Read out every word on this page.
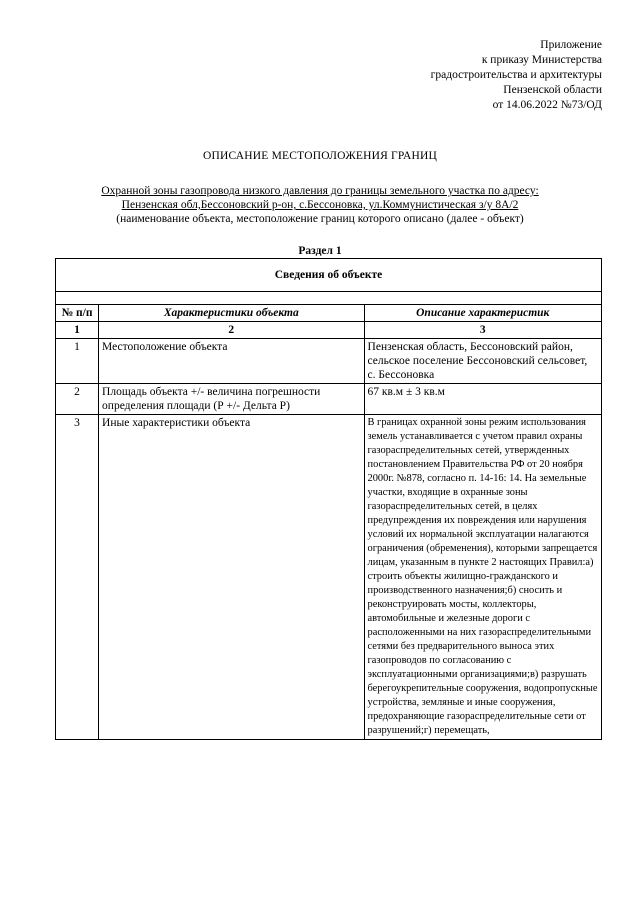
Приложение
к приказу Министерства
градостроительства и архитектуры
Пензенской области
от 14.06.2022 №73/ОД
ОПИСАНИЕ МЕСТОПОЛОЖЕНИЯ ГРАНИЦ
Охранной зоны газопровода низкого давления до границы земельного участка по адресу:
Пензенская обл,Бессоновский р-он, с.Бессоновка, ул.Коммунистическая з/у 8А/2
(наименование объекта, местоположение границ которого описано (далее - объект)
Раздел 1
Сведения об объекте		

№ п/п	Характеристики объекта	Описание характеристик
1	2	3
1	Местоположение объекта	Пензенская область, Бессоновский район, сельское поселение Бессоновский сельсовет, с. Бессоновка
2	Площадь объекта +/- величина погрешности определения площади (Р +/- Дельта Р)	67 кв.м ± 3 кв.м
3	Иные характеристики объекта	В границах охранной зоны режим использования земель устанавливается с учетом правил охраны газораспределительных сетей, утвержденных постановлением Правительства РФ от 20 ноября 2000г. №878, согласно п. 14-16: 14. На земельные участки, входящие в охранные зоны газораспределительных сетей, в целях предупреждения их повреждения или нарушения условий их нормальной эксплуатации налагаются ограничения (обременения), которыми запрещается лицам, указанным в пункте 2 настоящих Правил:а) строить объекты жилищно-гражданского и производственного назначения;б) сносить и реконструировать мосты, коллекторы, автомобильные и железные дороги с расположенными на них газораспределительными сетями без предварительного выноса этих газопроводов по согласованию с эксплуатационными организациями;в) разрушать берегоукрепительные сооружения, водопропускные устройства, земляные и иные сооружения, предохраняющие газораспределительные сети от разрушений;г) перемещать,
